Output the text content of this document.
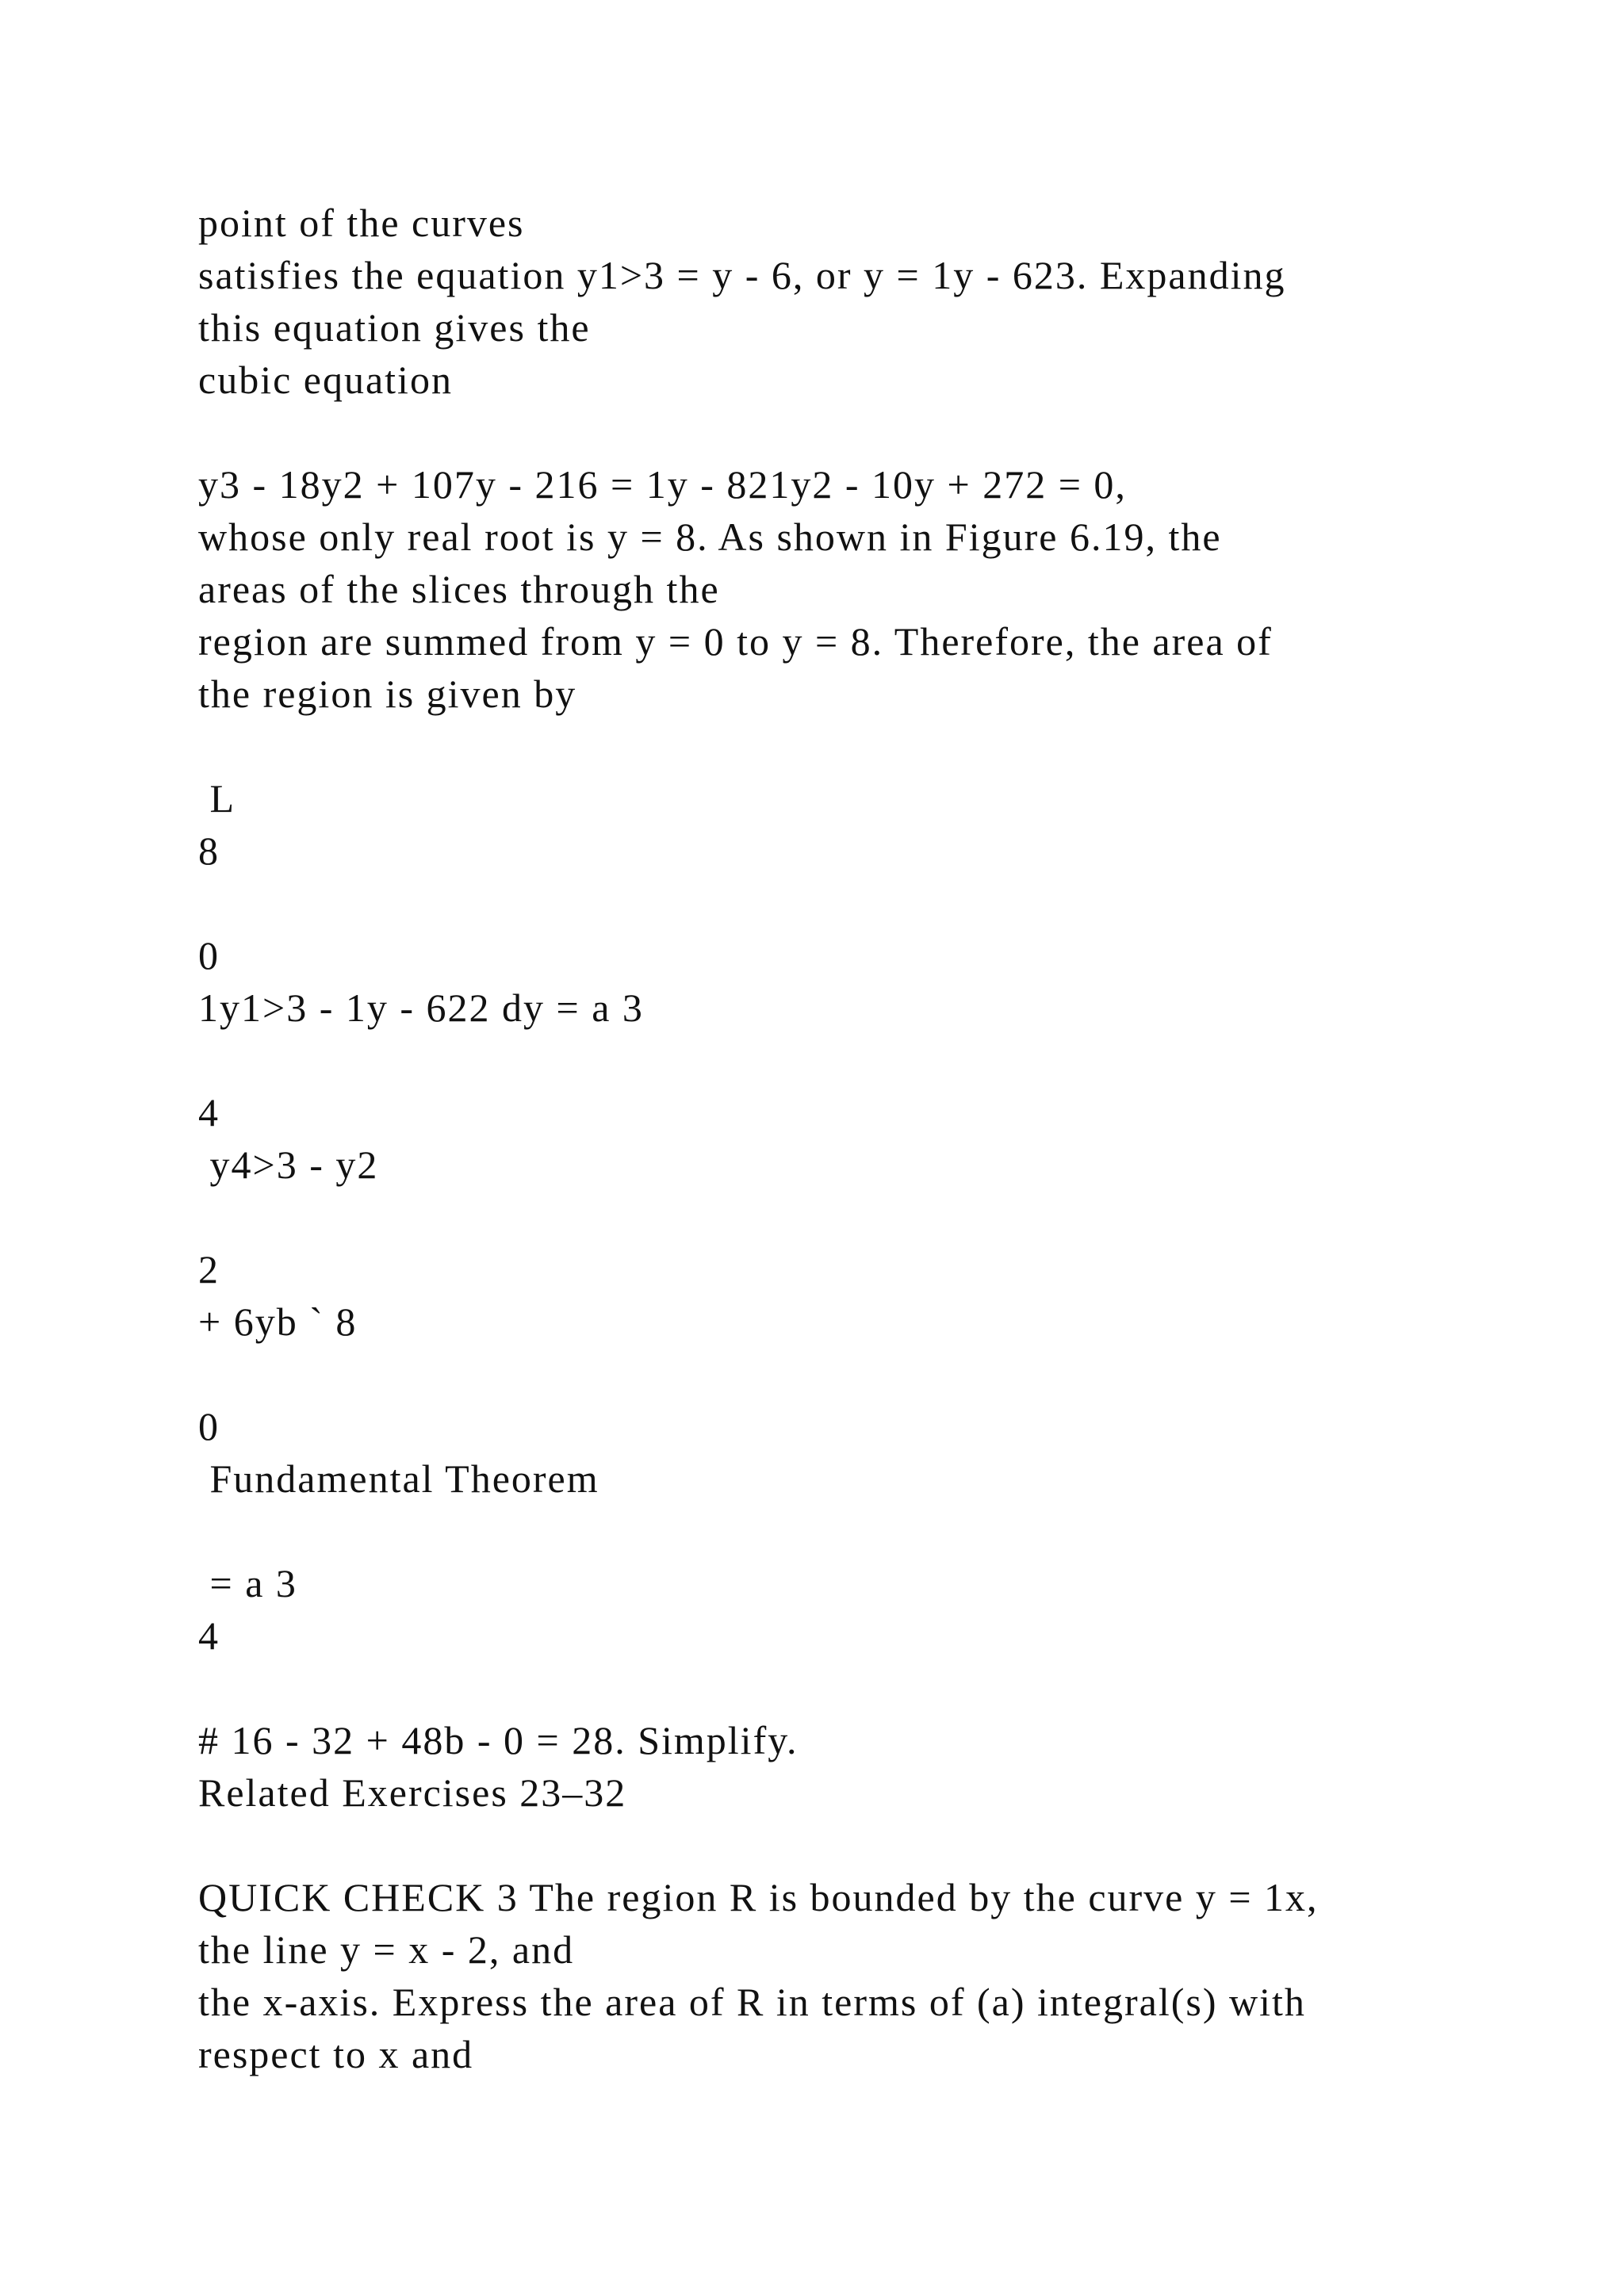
point of the curves
satisfies the equation y1>3 = y - 6, or y = 1y - 623. Expanding
this equation gives the
cubic equation
y3 - 18y2 + 107y - 216 = 1y - 821y2 - 10y + 272 = 0,
whose only real root is y = 8. As shown in Figure 6.19, the
areas of the slices through the
region are summed from y = 0 to y = 8. Therefore, the area of
the region is given by
L
8
0
1y1>3 - 1y - 622 dy = a 3
4
y4>3 - y2
2
+ 6yb ` 8
0
Fundamental Theorem
= a 3
4
# 16 - 32 + 48b - 0 = 28. Simplify.
Related Exercises 23–32
QUICK CHECK 3 The region R is bounded by the curve y = 1x,
the line y = x - 2, and
the x-axis. Express the area of R in terms of (a) integral(s) with
respect to x and
